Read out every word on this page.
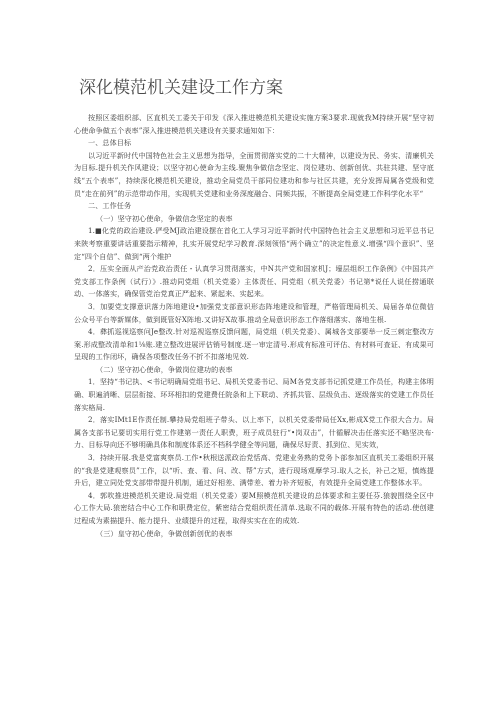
深化模范机关建设工作方案

按照区委组织部、区直机关工委关于印发《深入推进模范机关建设实施方案3要求.现就我M持续开展“坚守初心使命争做五个表率”深入推进模范机关建设有关要求通知如下：

一、总体目标

以习近平新时代中国特色社会主义思想为指导，全面贯彻落实党的二十大精神，以建设为民、务实、清廉机关为目标.提升机关作风建设；以坚守初心使命为主线.聚焦争做信念坚定、岗位建功、创新创优、共驻共建、坚守底线“五个表率”，持续深化模范机关建设，推动全局党员干部同位建功和参与社区共建，充分发挥局属各党级和党员“走在前列”的示范带动作用，实现机关党建和业务深度融合、同频共振，不断提高全局党建工作科学化水平“

二、工作任务

（一）坚守初心使命，争做信念坚定的表率

1.■化党的政治建设.俨受MJ政治建设摆在首化工人学习习近平新时代中国特色社会主义思想和习近平总书记来陕考察重要讲话重要指示精神，扎实开展党纪学习教育.深刻领悟“两个确立”的决定性意义.增强“四个意识”、坚定“四个自信”、做到“两个维护

2．压实全面从产治党政治责任・认真学习贯彻落实，中N共产党和国家机J；壕层组织工作条例》《中国共产党支部工作条例（试行）》.推动同党组（机关党委）主体责任、同党组（机关党委）书记第*说任人说任捞通联动、一体落实，确保管党治党真正严起来、紧起来、实起来。

3．加要党支撑意识落力阵地建设•加强党支部意识形态阵地建设和管理，严格管理局机关、局届各单位微信公众号平台等新媒体，做到既管好X阵地.又讲好X故事.推动全局意识形态工作落细落实、落地生根.

4．彝抓巡视巡察问Je整改.针对巡视巡察反馈问题，局党组（机关党委）、属城各支部要举一反三刺定整改方案.形成整改清单和1⅛账.建立整改进展评估销号制度.逐一审定清号.形成有标准可评估、有材料可查证、有成果可呈现的工作闭坏，确保各项整改任务不折不扣落地见效.

（二）坚守初心使命，争做岗位建功的表率

1．坚持“书记执、<书记明确局党组书记、局机关党委书记、局M各党支部书记抓党建工作员任，构建主体明确、职遍消晰、层层衔接、环环相扣的党建费任院条和上下联动、齐抓共管、层级负击、逐级落实的党建工作员任落实格局.

2．落实IMt1E作责任制.攀持局党组班子带头、以上率下，以机关党委带局任Xx,彬成X党工作很大合力。局属各支部书记要切实用行党工作建第一责任人职费，班子成员驻行“•岗双击”，什循解决击任落实还不略坚决布·力、目标导向还不够明确具体和制度体系还不档科学健全等问题，确保尽好责、抓到位、见实效，

3．持续开展.我是党富爽察员.工作•秋根送派政治党恬高、党建业务熟的党务卜部参加区直机关工委组织开展的“我是党建观察员”工作，以“听、查、看、问、改、帮”方式，进行现场观摩学习.取人之长，补己之短，慎炼提升后，建立同处党支部带带提升机制，通过好相差、满带差、着力补齐短板，有效提升全局党建工作整体水平。

4．郭吹推进模范机关建设.局党组（机关党委）要M照模范机关建设的总体要求和主要任芬.狼貌围绕全区中心工作大局.狼密结合中心工作和职费定位，紫密结合党组织责任清单.选取不同的载体.开展有特色的活动.使创建过程成为素描提升、能力提升、业绩提升的过程，取得实实在在的成效.

（三）皇守初心使命，争做创新创优的表率
